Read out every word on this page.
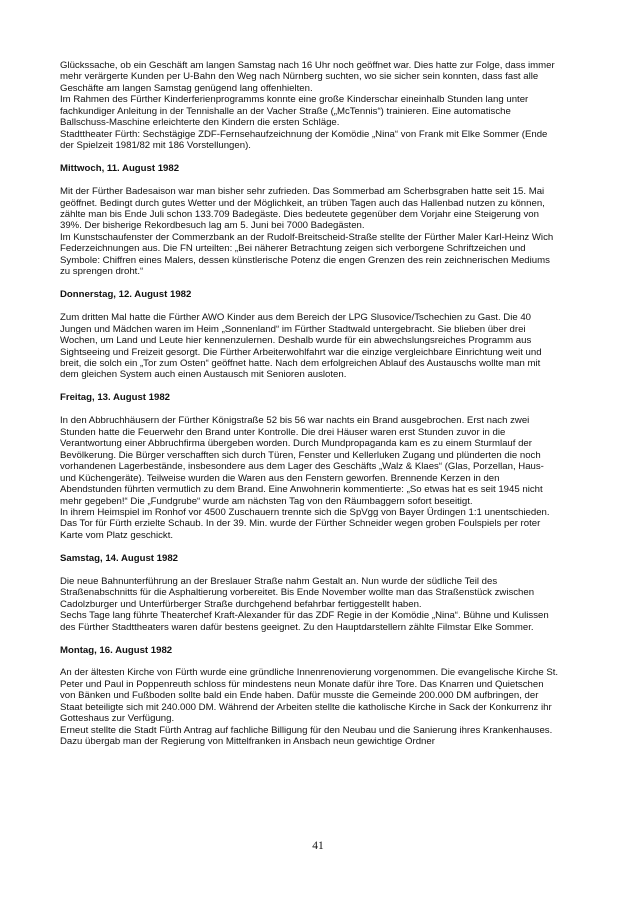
Glückssache, ob ein Geschäft am langen Samstag nach 16 Uhr noch geöffnet war. Dies hatte zur Folge, dass immer mehr verärgerte Kunden per U-Bahn den Weg nach Nürnberg suchten, wo sie sicher sein konnten, dass fast alle Geschäfte am langen Samstag genügend lang offenhielten.

Im Rahmen des Fürther Kinderferienprogramms konnte eine große Kinderschar eineinhalb Stunden lang unter fachkundiger Anleitung in der Tennishalle an der Vacher Straße („McTennis“) trainieren. Eine automatische Ballschuss-Maschine erleichterte den Kindern die ersten Schläge.

Stadttheater Fürth: Sechstägige ZDF-Fernsehaufzeichnung der Komödie „Nina“ von Frank mit Elke Sommer (Ende der Spielzeit 1981/82 mit 186 Vorstellungen).

Mittwoch, 11. August 1982

Mit der Fürther Badesaison war man bisher sehr zufrieden. Das Sommerbad am Scherbsgraben hatte seit 15. Mai geöffnet. Bedingt durch gutes Wetter und der Möglichkeit, an trüben Tagen auch das Hallenbad nutzen zu können, zählte man bis Ende Juli schon 133.709 Badegäste. Dies bedeutete gegenüber dem Vorjahr eine Steigerung von 39%. Der bisherige Rekordbesuch lag am 5. Juni bei 7000 Badegästen.

Im Kunstschaufenster der Commerzbank an der Rudolf-Breitscheid-Straße stellte der Fürther Maler Karl-Heinz Wich Federzeichnungen aus. Die FN urteilten: „Bei näherer Betrachtung zeigen sich verborgene Schriftzeichen und Symbole: Chiffren eines Malers, dessen künstlerische Potenz die engen Grenzen des rein zeichnerischen Mediums zu sprengen droht.“

Donnerstag, 12. August 1982

Zum dritten Mal hatte die Fürther AWO Kinder aus dem Bereich der LPG Slusovice/Tschechien zu Gast. Die 40 Jungen und Mädchen waren im Heim „Sonnenland“ im Fürther Stadtwald untergebracht. Sie blieben über drei Wochen, um Land und Leute hier kennenzulernen. Deshalb wurde für ein abwechslungsreiches Programm aus Sightseeing und Freizeit gesorgt. Die Fürther Arbeiterwohlfahrt war die einzige vergleichbare Einrichtung weit und breit, die solch ein „Tor zum Osten“ geöffnet hatte. Nach dem erfolgreichen Ablauf des Austauschs wollte man mit dem gleichen System auch einen Austausch mit Senioren ausloten.

Freitag, 13. August 1982

In den Abbruchhäusern der Fürther Königstraße 52 bis 56 war nachts ein Brand ausgebrochen. Erst nach zwei Stunden hatte die Feuerwehr den Brand unter Kontrolle. Die drei Häuser waren erst Stunden zuvor in die Verantwortung einer Abbruchfirma übergeben worden. Durch Mundpropaganda kam es zu einem Sturmlauf der Bevölkerung. Die Bürger verschafften sich durch Türen, Fenster und Kellerluken Zugang und plünderten die noch vorhandenen Lagerbestände, insbesondere aus dem Lager des Geschäfts „Walz & Klaes“ (Glas, Porzellan, Haus- und Küchengeräte). Teilweise wurden die Waren aus den Fenstern geworfen. Brennende Kerzen in den Abendstunden führten vermutlich zu dem Brand. Eine Anwohnerin kommentierte: „So etwas hat es seit 1945 nicht mehr gegeben!“ Die „Fundgrube“ wurde am nächsten Tag von den Räumbaggern sofort beseitigt.

In ihrem Heimspiel im Ronhof vor 4500 Zuschauern trennte sich die SpVgg von Bayer Ürdingen 1:1 unentschieden. Das Tor für Fürth erzielte Schaub. In der 39. Min. wurde der Fürther Schneider wegen groben Foulspiels per roter Karte vom Platz geschickt.

Samstag, 14. August 1982

Die neue Bahnunterführung an der Breslauer Straße nahm Gestalt an. Nun wurde der südliche Teil des Straßenabschnitts für die Asphaltierung vorbereitet. Bis Ende November wollte man das Straßenstück zwischen Cadolzburger und Unterfürberger Straße durchgehend befahrbar fertiggestellt haben.

Sechs Tage lang führte Theaterchef Kraft-Alexander für das ZDF Regie in der Komödie „Nina“. Bühne und Kulissen des Fürther Stadttheaters waren dafür bestens geeignet. Zu den Hauptdarstellern zählte Filmstar Elke Sommer.

Montag, 16. August 1982

An der ältesten Kirche von Fürth wurde eine gründliche Innenrenovierung vorgenommen. Die evangelische Kirche St. Peter und Paul in Poppenreuth schloss für mindestens neun Monate dafür ihre Tore. Das Knarren und Quietschen von Bänken und Fußboden sollte bald ein Ende haben. Dafür musste die Gemeinde 200.000 DM aufbringen, der Staat beteiligte sich mit 240.000 DM. Während der Arbeiten stellte die katholische Kirche in Sack der Konkurrenz ihr Gotteshaus zur Verfügung.

Erneut stellte die Stadt Fürth Antrag auf fachliche Billigung für den Neubau und die Sanierung ihres Krankenhauses. Dazu übergab man der Regierung von Mittelfranken in Ansbach neun gewichtige Ordner

41
